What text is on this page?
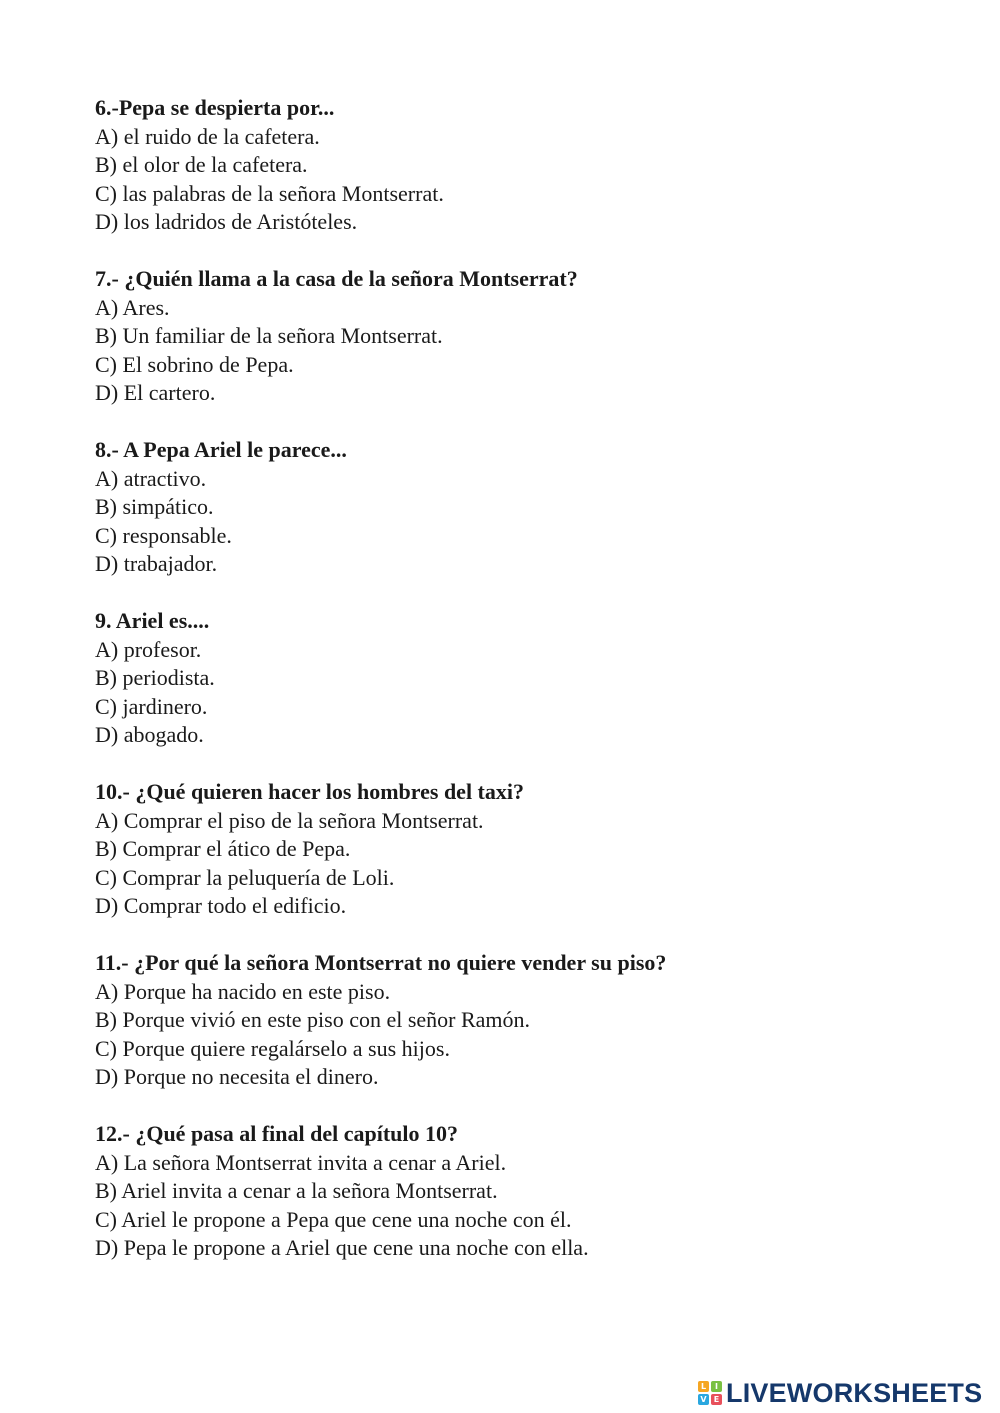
6.-Pepa se despierta por...
A) el ruido de la cafetera.
B) el olor de la cafetera.
C) las palabras de la señora Montserrat.
D) los ladridos de Aristóteles.
7.- ¿Quién llama a la casa de la señora Montserrat?
A) Ares.
B) Un familiar de la señora Montserrat.
C) El sobrino de Pepa.
D) El cartero.
8.- A Pepa Ariel le parece...
A) atractivo.
B) simpático.
C) responsable.
D) trabajador.
9. Ariel es....
A) profesor.
B) periodista.
C) jardinero.
D) abogado.
10.- ¿Qué quieren hacer los hombres del taxi?
A) Comprar el piso de la señora Montserrat.
B) Comprar el ático de Pepa.
C) Comprar la peluquería de Loli.
D) Comprar todo el edificio.
11.- ¿Por qué la señora Montserrat no quiere vender su piso?
A) Porque ha nacido en este piso.
B) Porque vivió en este piso con el señor Ramón.
C) Porque quiere regalárselo a sus hijos.
D) Porque no necesita el dinero.
12.- ¿Qué pasa al final del capítulo 10?
A) La señora Montserrat invita a cenar a Ariel.
B) Ariel invita a cenar a la señora Montserrat.
C) Ariel le propone a Pepa que cene una noche con él.
D) Pepa le propone a Ariel que cene una noche con ella.
L	I
V E LIVEWORKSHEETS
